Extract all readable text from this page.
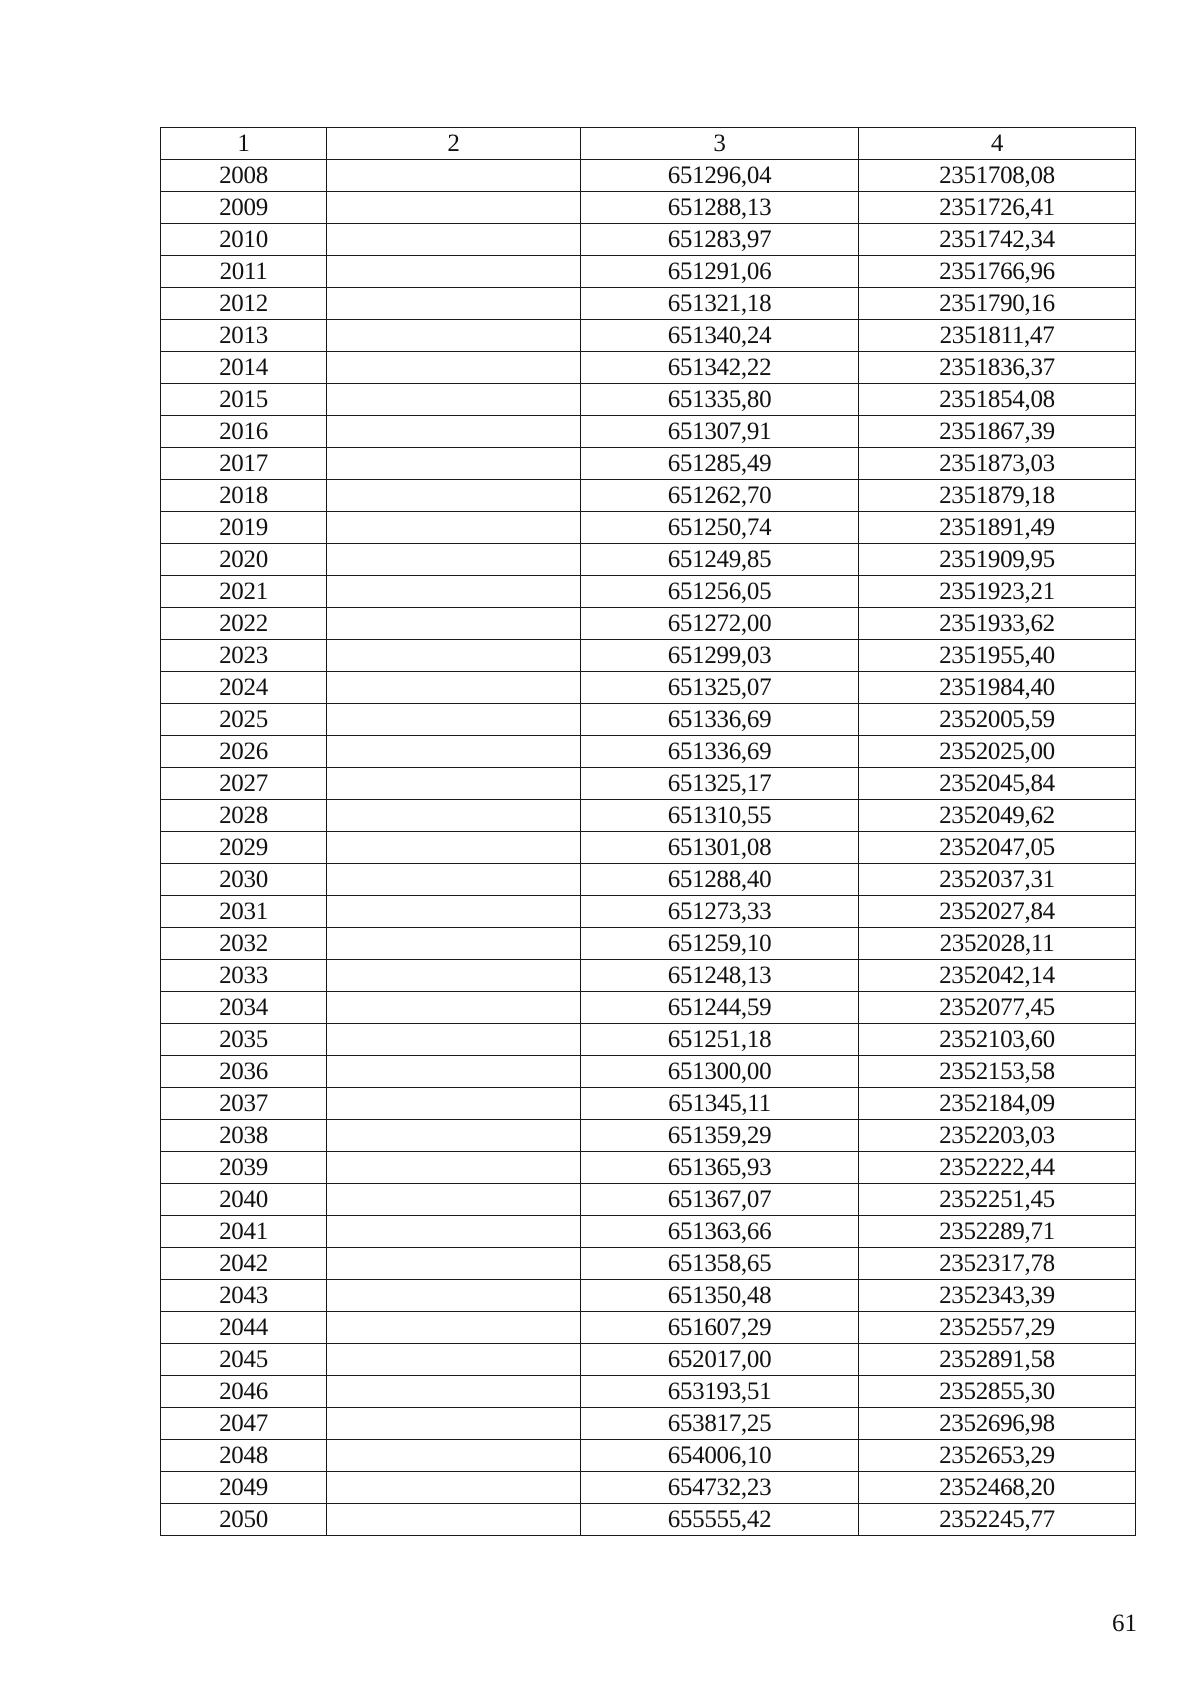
1	2	3	4
2008		651296,04	2351708,08
2009		651288,13	2351726,41
2010		651283,97	2351742,34
2011		651291,06	2351766,96
2012		651321,18	2351790,16
2013		651340,24	2351811,47
2014		651342,22	2351836,37
2015		651335,80	2351854,08
2016		651307,91	2351867,39
2017		651285,49	2351873,03
2018		651262,70	2351879,18
2019		651250,74	2351891,49
2020		651249,85	2351909,95
2021		651256,05	2351923,21
2022		651272,00	2351933,62
2023		651299,03	2351955,40
2024		651325,07	2351984,40
2025		651336,69	2352005,59
2026		651336,69	2352025,00
2027		651325,17	2352045,84
2028		651310,55	2352049,62
2029		651301,08	2352047,05
2030		651288,40	2352037,31
2031		651273,33	2352027,84
2032		651259,10	2352028,11
2033		651248,13	2352042,14
2034		651244,59	2352077,45
2035		651251,18	2352103,60
2036		651300,00	2352153,58
2037		651345,11	2352184,09
2038		651359,29	2352203,03
2039		651365,93	2352222,44
2040		651367,07	2352251,45
2041		651363,66	2352289,71
2042		651358,65	2352317,78
2043		651350,48	2352343,39
2044		651607,29	2352557,29
2045		652017,00	2352891,58
2046		653193,51	2352855,30
2047		653817,25	2352696,98
2048		654006,10	2352653,29
2049		654732,23	2352468,20
2050		655555,42	2352245,77
61
